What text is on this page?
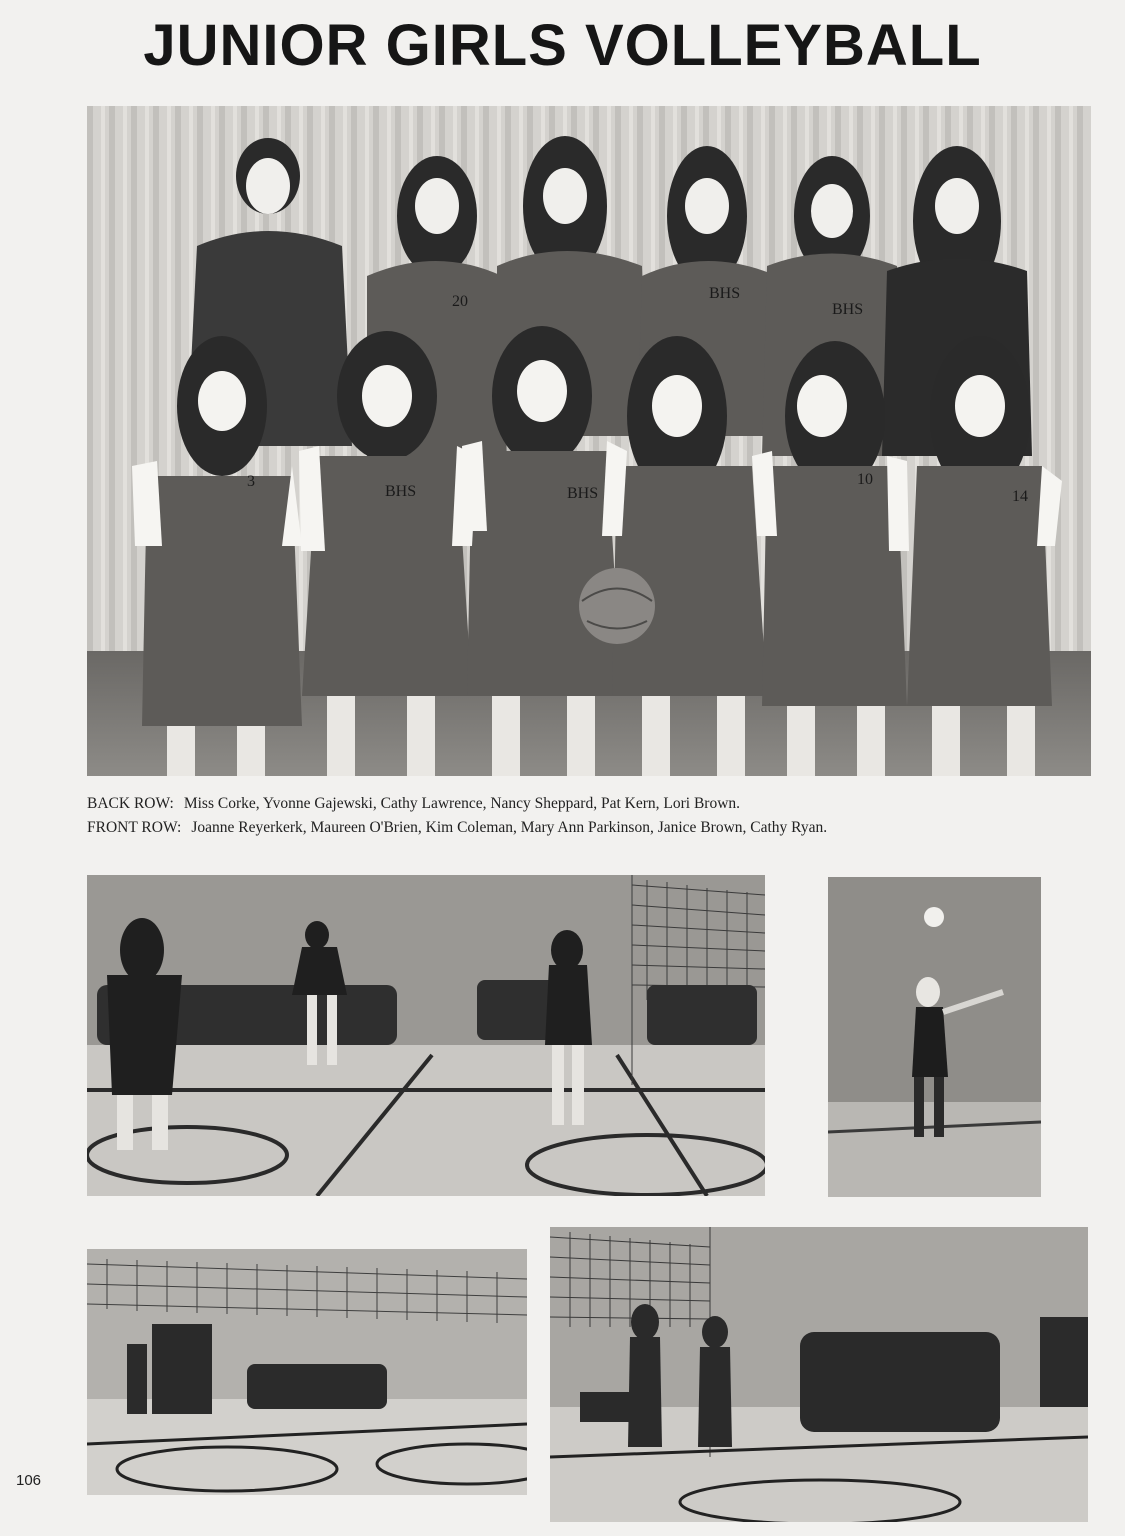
JUNIOR GIRLS VOLLEYBALL
BHS
BHS	BHS
BHS
20
3	10
14
BACK ROW: Miss Corke, Yvonne Gajewski, Cathy Lawrence, Nancy Sheppard, Pat Kern, Lori Brown.
FRONT ROW: Joanne Reyerkerk, Maureen O'Brien, Kim Coleman, Mary Ann Parkinson, Janice Brown, Cathy Ryan.
106
